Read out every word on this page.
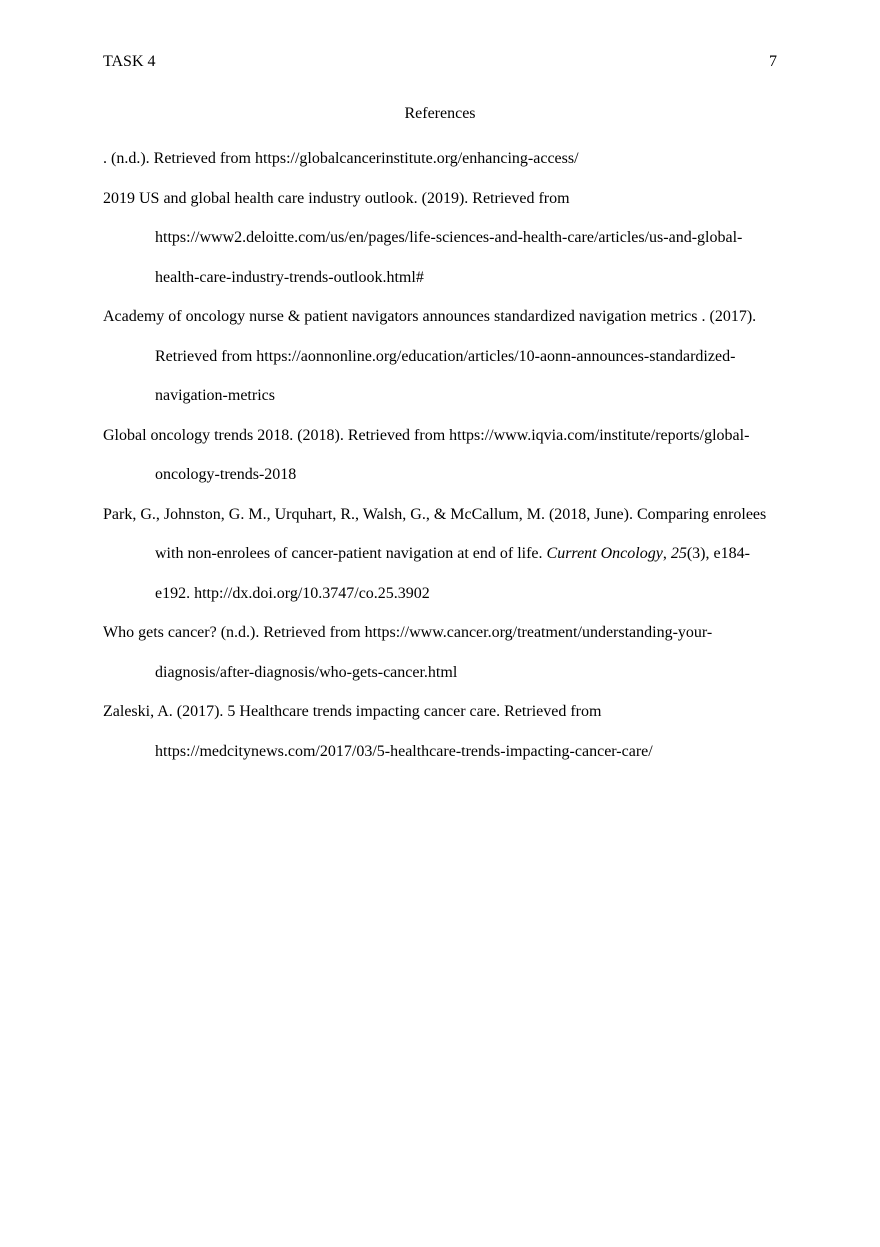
TASK 4	7
References

. (n.d.). Retrieved from https://globalcancerinstitute.org/enhancing-access/

2019 US and global health care industry outlook. (2019). Retrieved from https://www2.deloitte.com/us/en/pages/life-sciences-and-health-care/articles/us-and-global-health-care-industry-trends-outlook.html#

Academy of oncology nurse & patient navigators announces standardized navigation metrics . (2017). Retrieved from https://aonnonline.org/education/articles/10-aonn-announces-standardized-navigation-metrics

Global oncology trends 2018. (2018). Retrieved from https://www.iqvia.com/institute/reports/global-oncology-trends-2018

Park, G., Johnston, G. M., Urquhart, R., Walsh, G., & McCallum, M. (2018, June). Comparing enrolees with non-enrolees of cancer-patient navigation at end of life. Current Oncology, 25(3), e184-e192. http://dx.doi.org/10.3747/co.25.3902

Who gets cancer? (n.d.). Retrieved from https://www.cancer.org/treatment/understanding-your-diagnosis/after-diagnosis/who-gets-cancer.html

Zaleski, A. (2017). 5 Healthcare trends impacting cancer care. Retrieved from https://medcitynews.com/2017/03/5-healthcare-trends-impacting-cancer-care/
